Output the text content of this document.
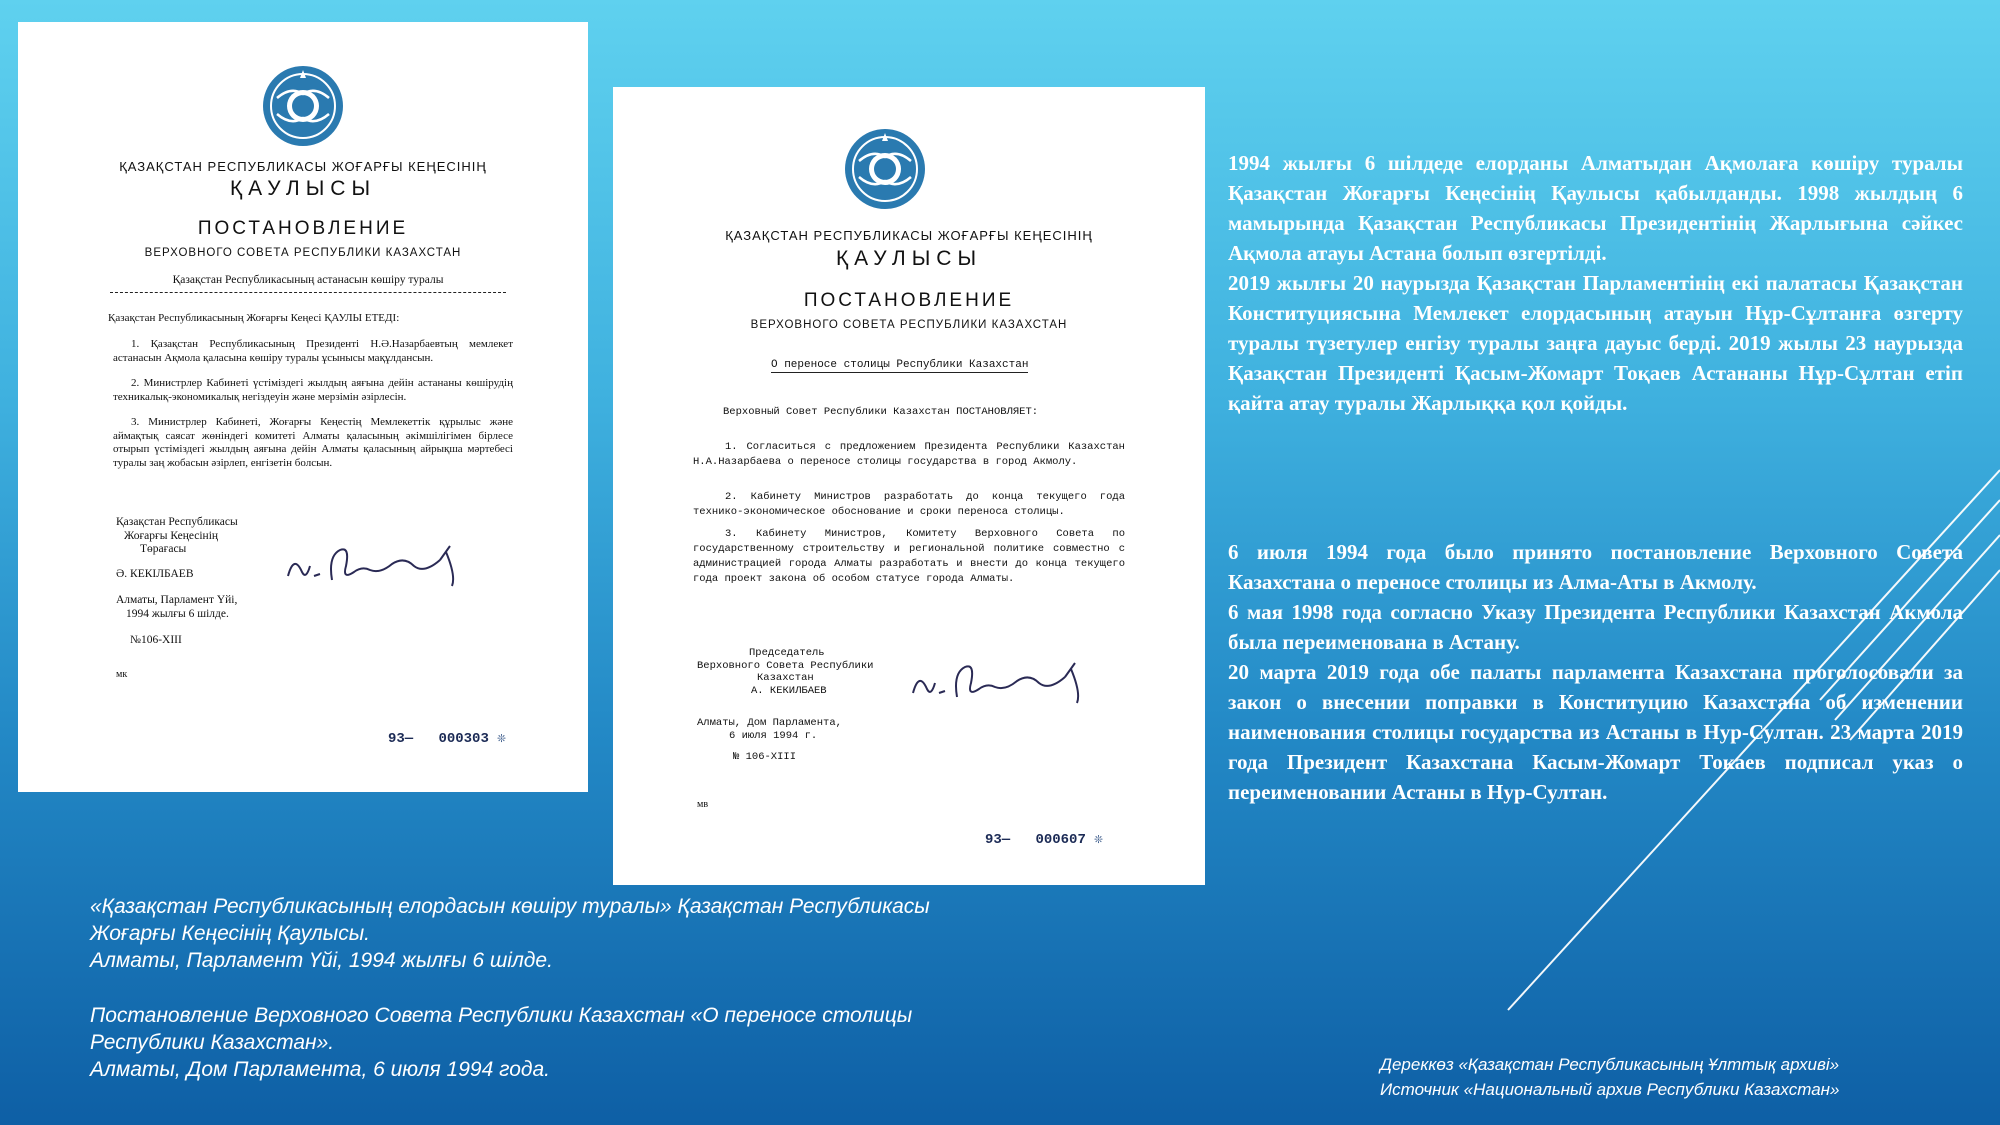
ҚАЗАҚСТАН РЕСПУБЛИКАСЫ ЖОҒАРҒЫ КЕҢЕСІНІҢ
ҚАУЛЫСЫ
ПОСТАНОВЛЕНИЕ
ВЕРХОВНОГО СОВЕТА РЕСПУБЛИКИ КАЗАХСТАН
Қазақстан Республикасының астанасын көшіру туралы
Қазақстан Республикасының Жоғарғы Кеңесі ҚАУЛЫ ЕТЕДІ:

1. Қазақстан Республикасының Президенті Н.Ә.Назарбаевтың мемлекет астанасын Ақмола қаласына көшіру туралы ұсынысы мақұлдансын.

2. Министрлер Кабинеті үстіміздегі жылдың аяғына дейін астананы көшірудің техникалық-экономикалық негіздеуін және мерзімін әзірлесін.

3. Министрлер Кабинеті, Жоғарғы Кеңестің Мемлекеттік құрылыс және аймақтық саясат жөніндегі комитеті Алматы қаласының әкімшілігімен бірлесе отырып үстіміздегі жылдың аяғына дейін Алматы қаласының айрықша мәртебесі туралы заң жобасын әзірлеп, енгізетін болсын.

Қазақстан Республикасы
Жоғарғы Кеңесінің
Төрағасы
Ә. КЕКІЛБАЕВ
Алматы, Парламент Үйі,
1994 жылғы 6 шілде.
№106-XIII
мк
93— 000303 ❊
ҚАЗАҚСТАН РЕСПУБЛИКАСЫ ЖОҒАРҒЫ КЕҢЕСІНІҢ
ҚАУЛЫСЫ
ПОСТАНОВЛЕНИЕ
ВЕРХОВНОГО СОВЕТА РЕСПУБЛИКИ КАЗАХСТАН
О переносе столицы Республики Казахстан
Верховный Совет Республики Казахстан ПОСТАНОВЛЯЕТ:

1. Согласиться с предложением Президента Республики Казахстан Н.А.Назарбаева о переносе столицы государства в город Акмолу.

2. Кабинету Министров разработать до конца текущего года технико-экономическое обоснование и сроки переноса столицы.

3. Кабинету Министров, Комитету Верховного Совета по государственному строительству и региональной политике совместно с администрацией города Алматы разработать и внести до конца текущего года проект закона об особом статусе города Алматы.

Председатель
Верховного Совета Республики
Казахстан
А. КЕКИЛБАЕВ
Алматы, Дом Парламента,
6 июля 1994 г.
№ 106-XIII
мв
93— 000607 ❊
1994 жылғы 6 шілдеде елорданы Алматыдан Ақмолаға көшіру туралы Қазақстан Жоғарғы Кеңесінің Қаулысы қабылданды. 1998 жылдың 6 мамырында Қазақстан Республикасы Президентінің Жарлығына сәйкес Ақмола атауы Астана болып өзгертілді.
2019 жылғы 20 наурызда Қазақстан Парламентінің екі палатасы Қазақстан Конституциясына Мемлекет елордасының атауын Нұр-Сұлтанға өзгерту туралы түзетулер енгізу туралы заңға дауыс берді. 2019 жылы 23 наурызда Қазақстан Президенті Қасым-Жомарт Тоқаев Астананы Нұр-Сұлтан етіп қайта атау туралы Жарлыққа қол қойды.
6 июля 1994 года было принято постановление Верховного Совета Казахстана о переносе столицы из Алма-Аты в Акмолу.
6 мая 1998 года согласно Указу Президента Республики Казахстан Акмола была переименована в Астану.
20 марта 2019 года обе палаты парламента Казахстана проголосовали за закон о внесении поправки в Конституцию Казахстана об изменении наименования столицы государства из Астаны в Нур-Султан. 23 марта 2019 года Президент Казахстана Касым-Жомарт Токаев подписал указ о переименовании Астаны в Нур-Султан.
«Қазақстан Республикасының елордасын көшіру туралы» Қазақстан Республикасы
Жоғарғы Кеңесінің Қаулысы.
Алматы, Парламент Үйі, 1994 жылғы 6 шілде.
Постановление Верховного Совета Республики Казахстан «О переносе столицы
Республики Казахстан».
Алматы, Дом Парламента, 6 июля 1994 года.	Дереккөз «Қазақстан Республикасының Ұлттық архиві»
Источник «Национальный архив Республики Казахстан»
